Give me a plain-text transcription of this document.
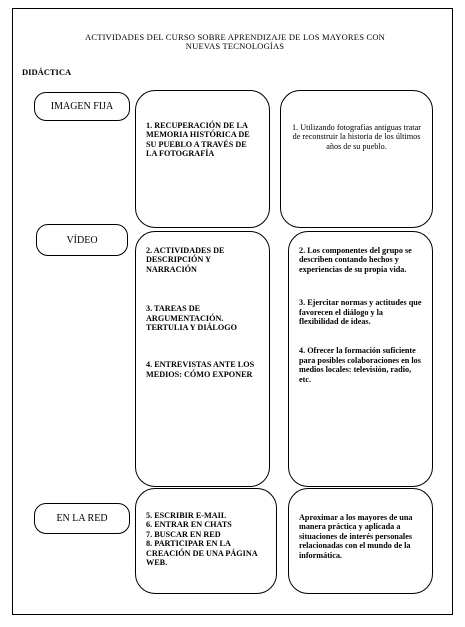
ACTIVIDADES DEL CURSO SOBRE APRENDIZAJE DE LOS MAYORES CON
NUEVAS TECNOLOGÍAS
DIDÁCTICA
IMAGEN FIJA
1. RECUPERACIÓN DE LA MEMORIA HISTÓRICA DE SU PUEBLO A TRAVÉS DE LA FOTOGRAFÍA
1. Utilizando fotografías antiguas tratar de reconstruir la historia de los últimos años de su pueblo.
VÍDEO
2. ACTIVIDADES DE DESCRIPCIÓN Y NARRACIÓN
3. TAREAS DE ARGUMENTACIÓN. TERTULIA Y DIÁLOGO
4. ENTREVISTAS ANTE LOS MEDIOS: CÓMO EXPONER
2. Los componentes del grupo se describen contando hechos y experiencias de su propia vida.
3. Ejercitar normas y actitudes que favorecen el diálogo y la flexibilidad de ideas.
4. Ofrecer la formación suficiente para posibles colaboraciones en los medios locales: televisión, radio, etc.
EN LA RED	5. ESCRIBIR E-MAIL
6. ENTRAR EN CHATS
7. BUSCAR EN RED
8. PARTICIPAR EN LA CREACIÓN DE UNA PÁGINA WEB.
Aproximar a los mayores de una manera práctica y aplicada a situaciones de interés personales relacionadas con el mundo de la informática.
